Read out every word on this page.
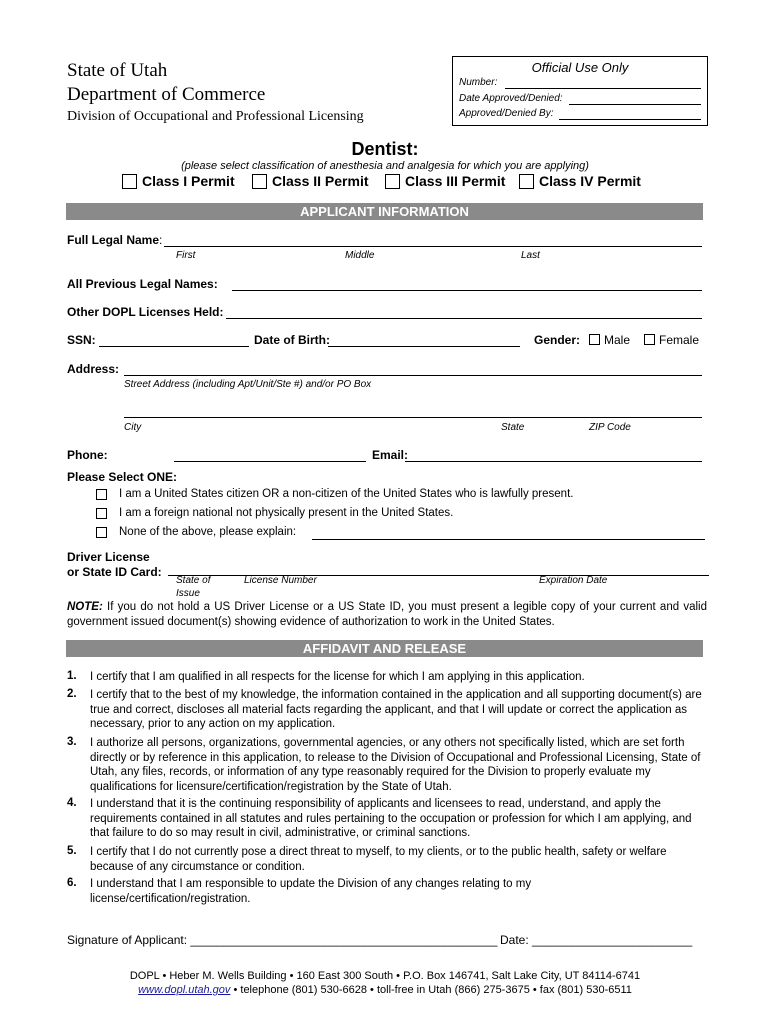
State of Utah
Department of Commerce
Division of Occupational and Professional Licensing
Official Use Only
Number:
Date Approved/Denied:
Approved/Denied By:
Dentist:
(please select classification of anesthesia and analgesia for which you are applying)
Class I Permit	Class II Permit	Class III Permit Class IV Permit
APPLICANT INFORMATION
Full Legal Name:
First	Middle	Last
All Previous Legal Names:
Other DOPL Licenses Held:
SSN:	Date of Birth:	Gender: Male Female
Address:
Street Address (including Apt/Unit/Ste #) and/or PO Box
City	State	ZIP Code
Phone:	Email:
Please Select ONE:
I am a United States citizen OR a non-citizen of the United States who is lawfully present.
I am a foreign national not physically present in the United States.
None of the above, please explain:
Driver License
or State ID Card:
State of
Issue
License Number	Expiration Date
NOTE: If you do not hold a US Driver License or a US State ID, you must present a legible copy of your current and valid government issued document(s) showing evidence of authorization to work in the United States.
AFFIDAVIT AND RELEASE
1. I certify that I am qualified in all respects for the license for which I am applying in this application.
2. I certify that to the best of my knowledge, the information contained in the application and all supporting document(s) are true and correct, discloses all material facts regarding the applicant, and that I will update or correct the application as necessary, prior to any action on my application.
3. I authorize all persons, organizations, governmental agencies, or any others not specifically listed, which are set forth directly or by reference in this application, to release to the Division of Occupational and Professional Licensing, State of Utah, any files, records, or information of any type reasonably required for the Division to properly evaluate my qualifications for licensure/certification/registration by the State of Utah.
4. I understand that it is the continuing responsibility of applicants and licensees to read, understand, and apply the requirements contained in all statutes and rules pertaining to the occupation or profession for which I am applying, and that failure to do so may result in civil, administrative, or criminal sanctions.
5. I certify that I do not currently pose a direct threat to myself, to my clients, or to the public health, safety or welfare because of any circumstance or condition.
6. I understand that I am responsible to update the Division of any changes relating to my license/certification/registration.
Signature of Applicant: ______________________________________________ Date: ________________________
DOPL • Heber M. Wells Building • 160 East 300 South • P.O. Box 146741, Salt Lake City, UT 84114-6741
www.dopl.utah.gov • telephone (801) 530-6628 • toll-free in Utah (866) 275-3675 • fax (801) 530-6511
